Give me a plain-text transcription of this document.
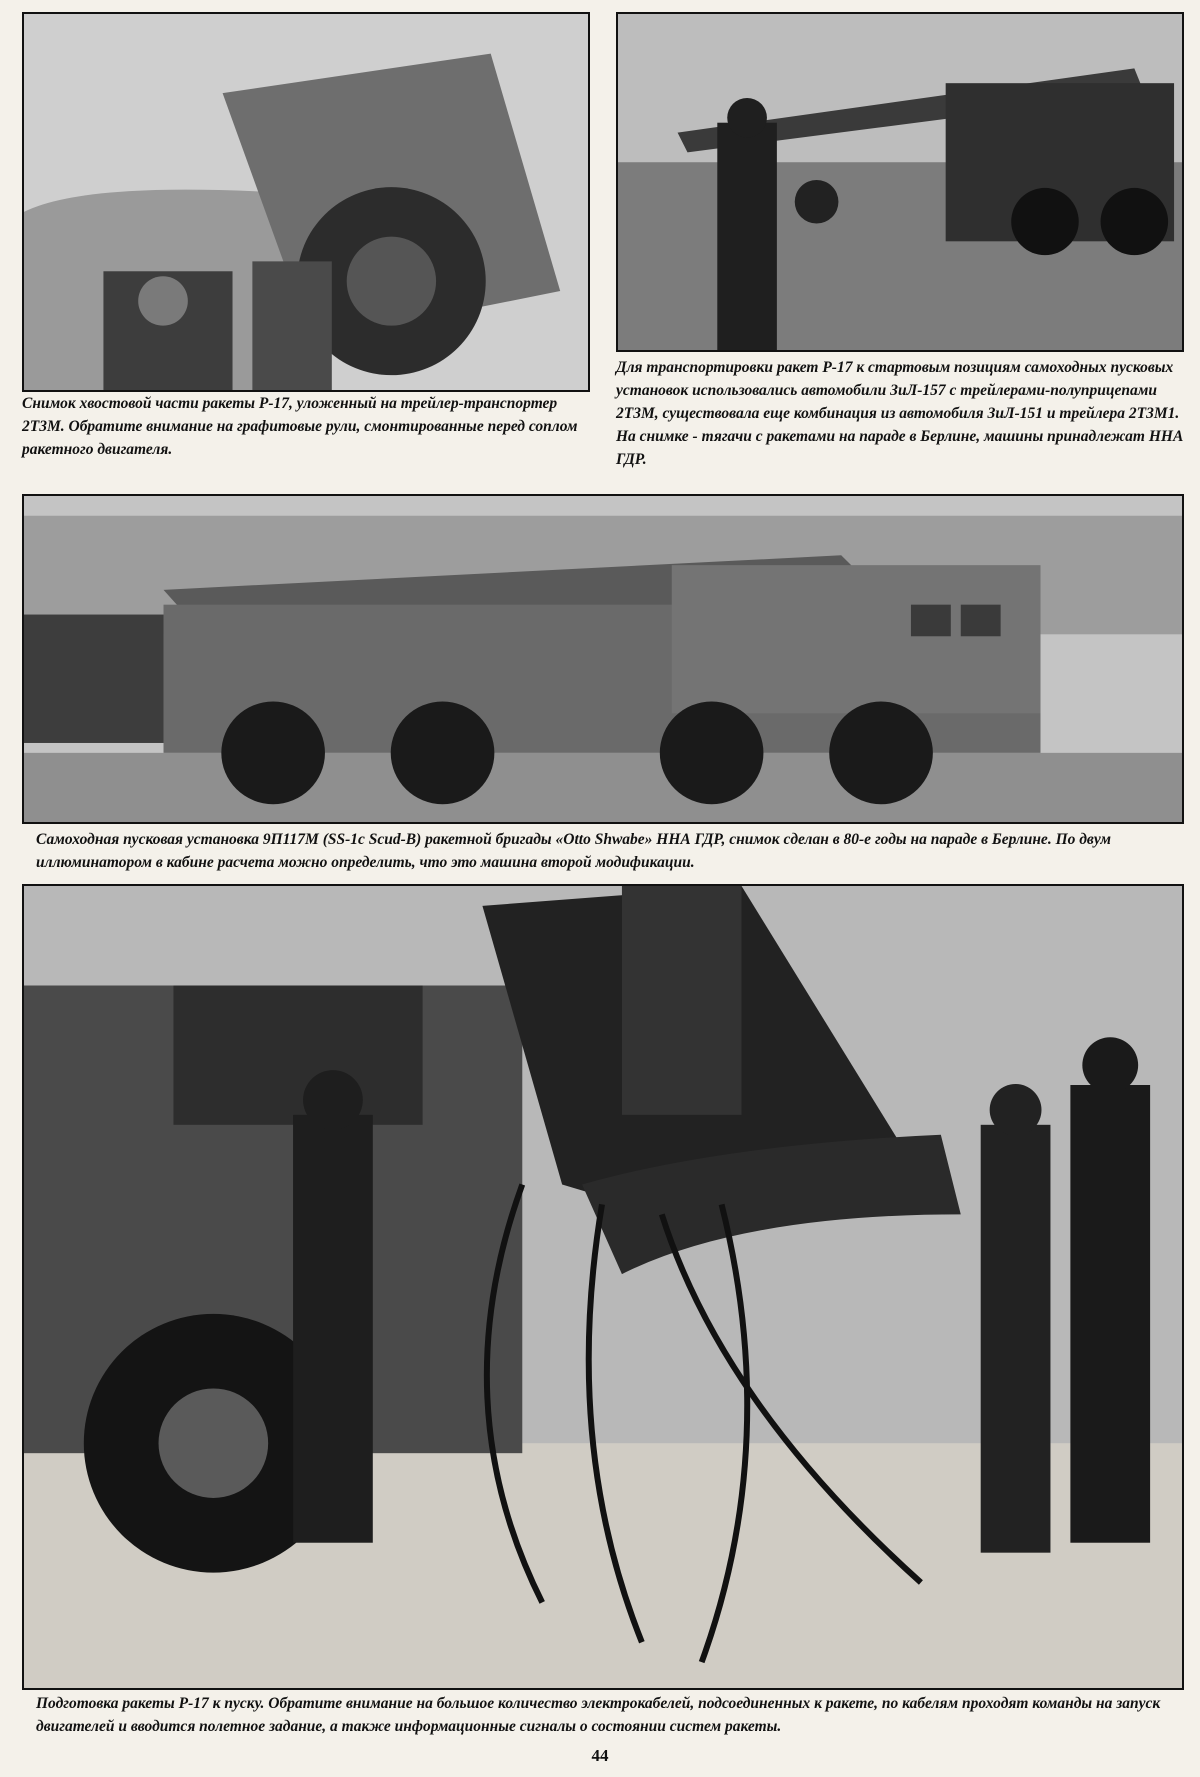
Снимок хвостовой части ракеты Р-17, уложенный на трейлер-транспортер 2Т3М. Обратите внимание на графитовые рули, смонтированные перед соплом ракетного двигателя.

Для транспортировки ракет Р-17 к стартовым позициям самоходных пусковых установок использовались автомобили ЗиЛ-157 с трейлерами-полуприцепами 2Т3М, существовала еще комбинация из автомобиля ЗиЛ-151 и трейлера 2Т3М1. На снимке - тягачи с ракетами на параде в Берлине, машины принадлежат ННА ГДР.

Самоходная пусковая установка 9П117М (SS-1c Scud-B) ракетной бригады «Otto Shwabe» ННА ГДР, снимок сделан в 80-е годы на параде в Берлине. По двум иллюминатором в кабине расчета можно определить, что это машина второй модификации.

Подготовка ракеты Р-17 к пуску. Обратите внимание на большое количество электрокабелей, подсоединенных к ракете, по кабелям проходят команды на запуск двигателей и вводится полетное задание, а также информационные сигналы о состоянии систем ракеты.

44
